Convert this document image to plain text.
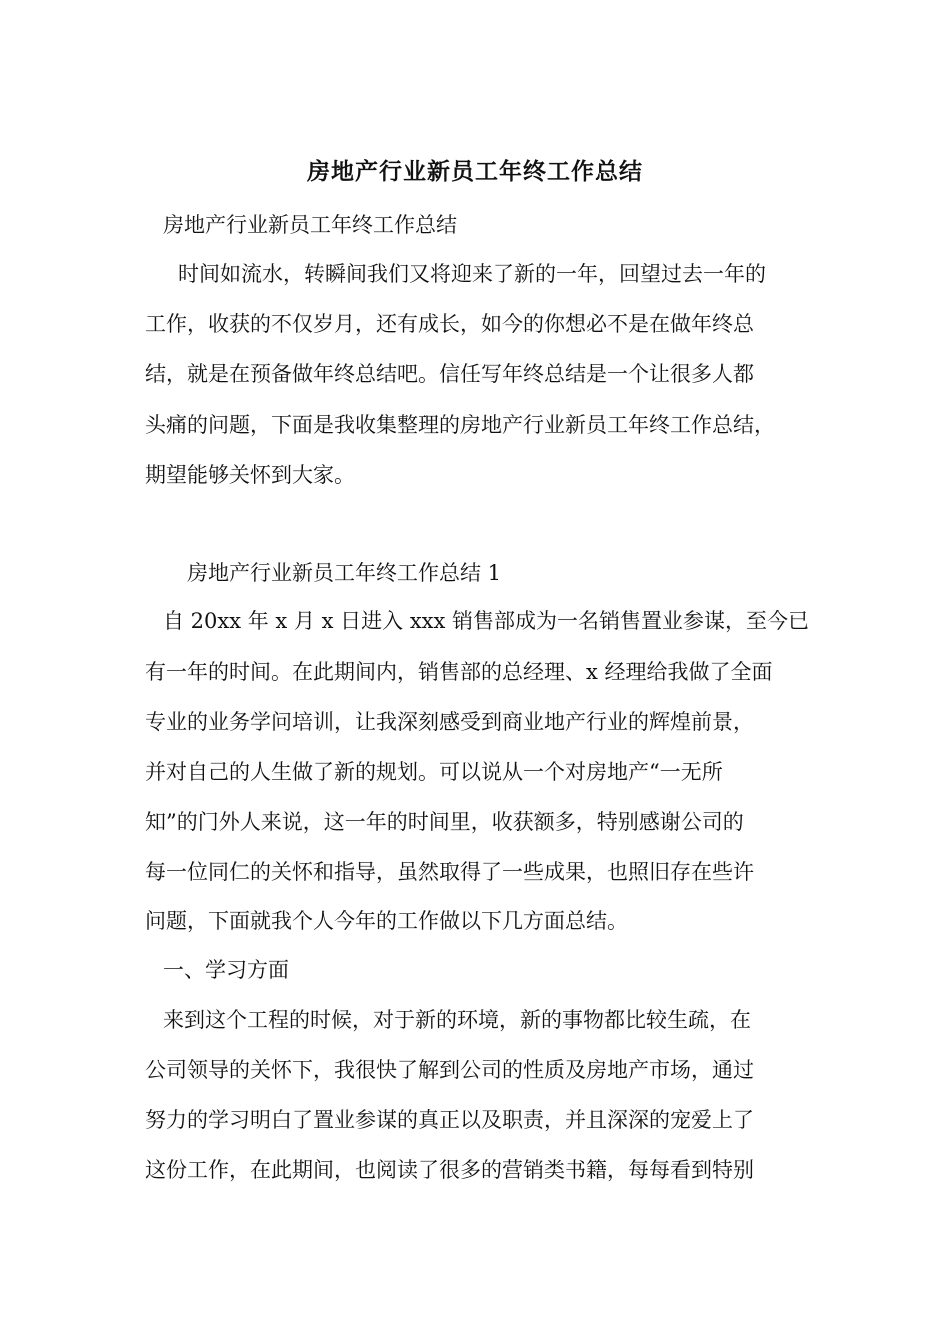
房地产行业新员工年终工作总结
房地产行业新员工年终工作总结
时间如流水，转瞬间我们又将迎来了新的一年，回望过去一年的
工作，收获的不仅岁月，还有成长，如今的你想必不是在做年终总
结，就是在预备做年终总结吧。信任写年终总结是一个让很多人都
头痛的问题，下面是我收集整理的房地产行业新员工年终工作总结，
期望能够关怀到大家。
房地产行业新员工年终工作总结 1
自 20xx 年 x 月 x 日进入 xxx 销售部成为一名销售置业参谋，至今已
有一年的时间。在此期间内，销售部的总经理、x 经理给我做了全面
专业的业务学问培训，让我深刻感受到商业地产行业的辉煌前景，
并对自己的人生做了新的规划。可以说从一个对房地产“一无所
知”的门外人来说，这一年的时间里，收获额多，特别感谢公司的
每一位同仁的关怀和指导，虽然取得了一些成果，也照旧存在些许
问题，下面就我个人今年的工作做以下几方面总结。
一、学习方面
来到这个工程的时候，对于新的环境，新的事物都比较生疏，在
公司领导的关怀下，我很快了解到公司的性质及房地产市场，通过
努力的学习明白了置业参谋的真正以及职责，并且深深的宠爱上了
这份工作，在此期间，也阅读了很多的营销类书籍，每每看到特别
